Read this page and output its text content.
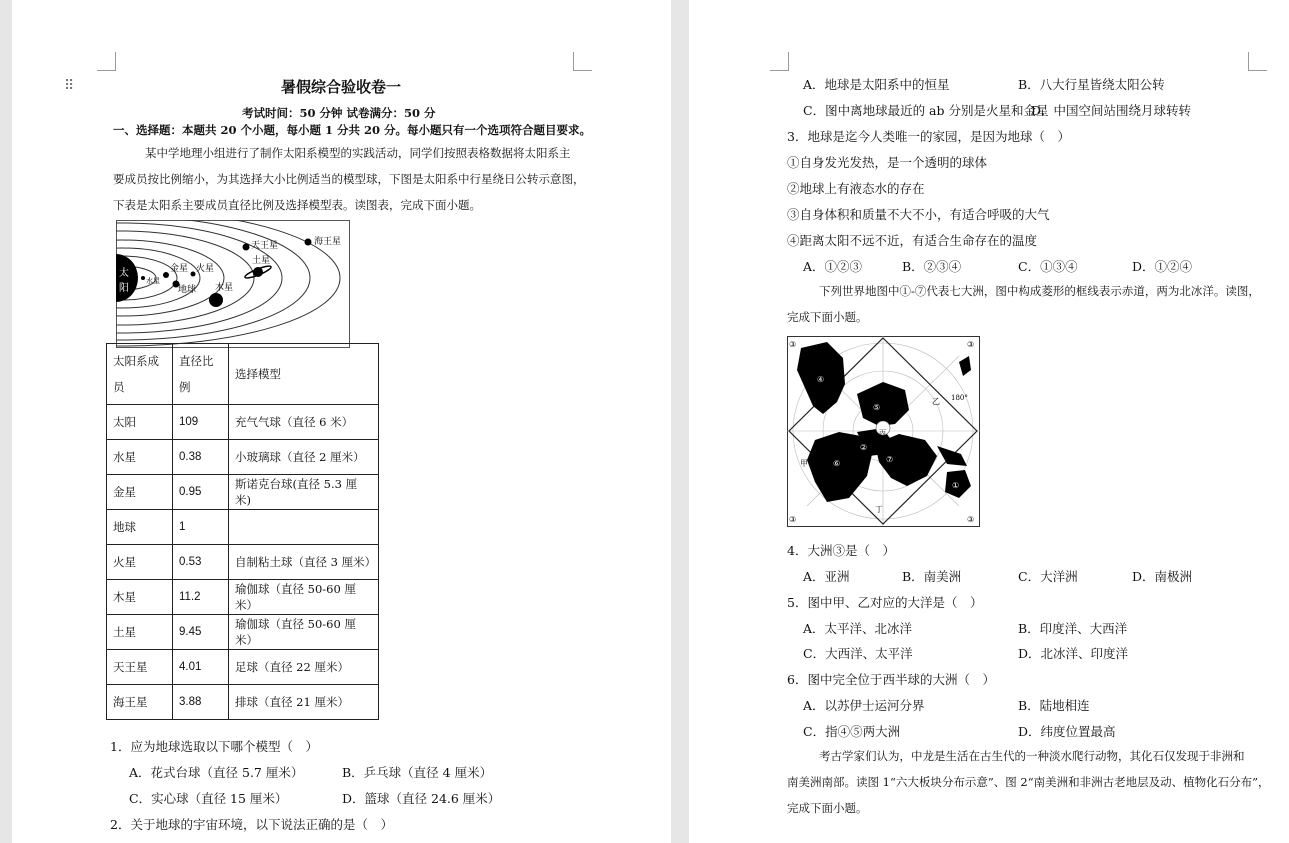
暑假综合验收卷一
考试时间：50 分钟 试卷满分：50 分
一、选择题：本题共 20 个小题，每小题 1 分共 20 分。每小题只有一个选项符合题目要求。
某中学地理小组进行了制作太阳系模型的实践活动，同学们按照表格数据将太阳系主
要成员按比例缩小，为其选择大小比例适当的模型球，下图是太阳系中行星绕日公转示意图，
下表是太阳系主要成员直径比例及选择模型表。读图表，完成下面小题。
太
阳
水星
金星
地球
火星
木星
土星
天王星	海王星
太阳系成员	直径比例	选择模型
太阳	109	充气气球（直径 6 米）
水星	0.38	小玻璃球（直径 2 厘米）
金星	0.95	斯诺克台球(直径 5.3 厘米)
地球	1	
火星	0.53	自制粘土球（直径 3 厘米）
木星	11.2	瑜伽球（直径 50-60 厘米）
土星	9.45	瑜伽球（直径 50-60 厘米）
天王星	4.01	足球（直径 22 厘米）
海王星	3.88	排球（直径 21 厘米）
1．应为地球选取以下哪个模型（　）
A．花式台球（直径 5.7 厘米）	B．乒乓球（直径 4 厘米）
C．实心球（直径 15 厘米）	D．篮球（直径 24.6 厘米）
2．关于地球的宇宙环境，以下说法正确的是（　）
⠿	A．地球是太阳系中的恒星	B．八大行星皆绕太阳公转
C．图中离地球最近的 ab 分别是火星和金星
D．中国空间站围绕月球转转
3．地球是迄今人类唯一的家园，是因为地球（　）
①自身发光发热，是一个透明的球体
②地球上有液态水的存在
③自身体积和质量不大不小，有适合呼吸的大气
④距离太阳不远不近，有适合生命存在的温度
A．①②③	B．②③④	C．①③④	D．①②④
下列世界地图中①-⑦代表七大洲，图中构成菱形的框线表示赤道，两为北冰洋。读图，
完成下面小题。
③	③
③	③
④
⑤
⑥
②
⑦
①
丙
乙 180°
甲
0°
丁
4．大洲③是（　）
A．亚洲	B．南美洲	C．大洋洲	D．南极洲
5．图中甲、乙对应的大洋是（　）
A．太平洋、北冰洋	B．印度洋、大西洋
C．大西洋、太平洋	D．北冰洋、印度洋
6．图中完全位于西半球的大洲（　）
A．以苏伊士运河分界	B．陆地相连
C．指④⑤两大洲	D．纬度位置最高
考古学家们认为，中龙是生活在古生代的一种淡水爬行动物，其化石仅发现于非洲和
南美洲南部。读图 1“六大板块分布示意”、图 2“南美洲和非洲古老地层及动、植物化石分布”，
完成下面小题。
